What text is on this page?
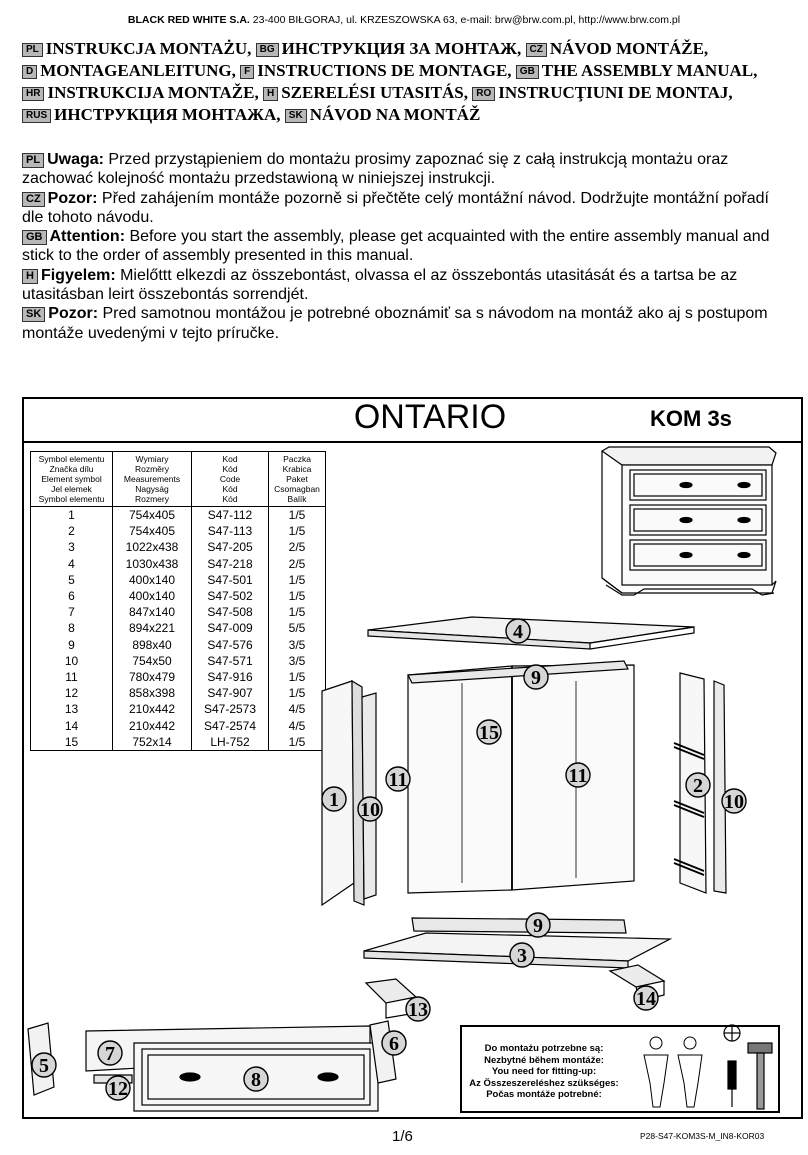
BLACK RED WHITE S.A. 23-400 BIŁGORAJ, ul. KRZESZOWSKA 63, e-mail: brw@brw.com.pl, http://www.brw.com.pl
PL INSTRUKCJA MONTAŻU, BG ИНСТРУКЦИЯ ЗА МОНТАЖ, CZ NÁVOD MONTÁŽE,
D MONTAGEANLEITUNG, F INSTRUCTIONS DE MONTAGE, GB THE ASSEMBLY MANUAL,
HR INSTRUKCIJA MONTAŽE, H SZERELÉSI UTASITÁS, RO INSTRUCŢIUNI DE MONTAJ,
RUS ИНСТРУКЦИЯ МОНТАЖА, SK NÁVOD NA MONTÁŽ
PL Uwaga: Przed przystąpieniem do montażu prosimy zapoznać się z całą instrukcją montażu oraz zachować kolejność montażu przedstawioną w niniejszej instrukcji.
CZ Pozor: Před zahájením montáže pozorně si přečtěte celý montážní návod. Dodržujte montážní pořadí dle tohoto návodu.
GB Attention: Before you start the assembly, please get acquainted with the entire assembly manual and stick to the order of assembly presented in this manual.
H Figyelem: Mielőttt elkezdi az összebontást, olvassa el az összebontás utasitását és a tartsa be az utasitásban leirt összebontás sorrendjét.
SK Pozor: Pred samotnou montážou je potrebné oboznámiť sa s návodom na montáž ako aj s postupom montáže uvedenými v tejto príručke.
ONTARIO	KOM 3s
Symbol elementu
Značka dílu
Element symbol
Jel elemek
Symbol elementu	Wymiary
Rozměry
Measurements
Nagyság
Rozmery	Kod
Kód
Code
Kód
Kód	Paczka
Krabica
Paket
Csomagban
Balík
1	754x405	S47-112	1/5
2	754x405	S47-113	1/5
3	1022x438	S47-205	2/5
4	1030x438	S47-218	2/5
5	400x140	S47-501	1/5
6	400x140	S47-502	1/5
7	847x140	S47-508	1/5
8	894x221	S47-009	5/5
9	898x40	S47-576	3/5
10	754x50	S47-571	3/5
11	780x479	S47-916	1/5
12	858x398	S47-907	1/5
13	210x442	S47-2573	4/5
14	210x442	S47-2574	4/5
15	752x14	LH-752	1/5
4
9
15
11	11
1 10
2
10
9
3
13	14
6
7
5
8
12
Do montażu potrzebne są:
Nezbytné během montáže:
You need for fitting-up:
Az Összeszereléshez szükséges:
Počas montáže potrebné:
1/6	P28-S47-KOM3S-M_IN8-KOR03
